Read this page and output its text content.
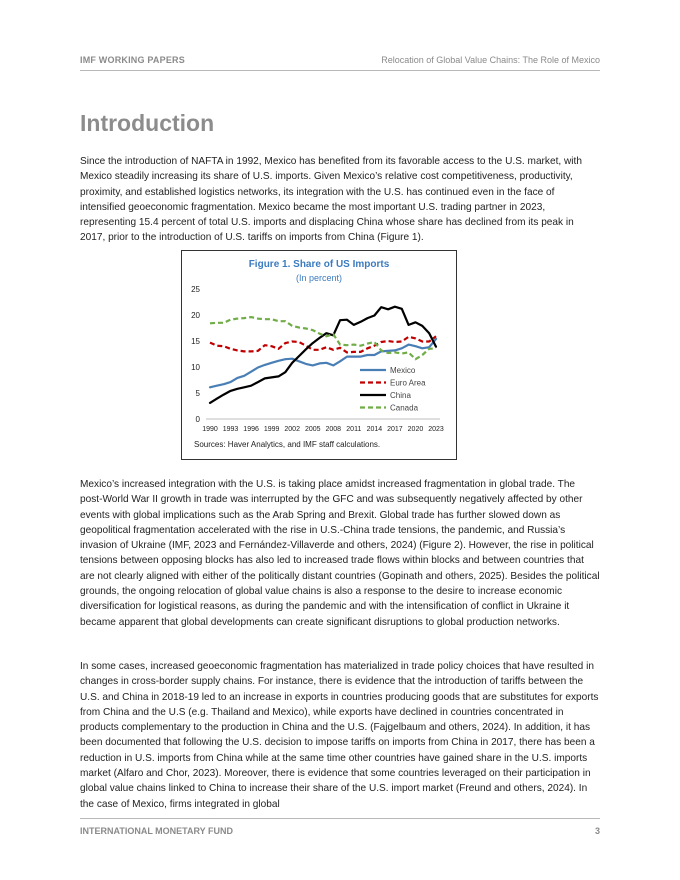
IMF WORKING PAPERS	Relocation of Global Value Chains: The Role of Mexico
Introduction

Since the introduction of NAFTA in 1992, Mexico has benefited from its favorable access to the U.S. market, with Mexico steadily increasing its share of U.S. imports. Given Mexico’s relative cost competitiveness, productivity, proximity, and established logistics networks, its integration with the U.S. has continued even in the face of intensified geoeconomic fragmentation. Mexico became the most important U.S. trading partner in 2023, representing 15.4 percent of total U.S. imports and displacing China whose share has declined from its peak in 2017, prior to the introduction of U.S. tariffs on imports from China (Figure 1).

Figure 1. Share of US Imports
(In percent)
0
5
10
15
20
25
1990 1993 1996 1999 2002 2005 2008 2011 2014 2017 2020 2023
Mexico
Euro Area
China
Canada
Sources: Haver Analytics, and IMF staff calculations.

Mexico’s increased integration with the U.S. is taking place amidst increased fragmentation in global trade. The post-World War II growth in trade was interrupted by the GFC and was subsequently negatively affected by other events with global implications such as the Arab Spring and Brexit. Global trade has further slowed down as geopolitical fragmentation accelerated with the rise in U.S.-China trade tensions, the pandemic, and Russia’s invasion of Ukraine (IMF, 2023 and Fernández-Villaverde and others, 2024) (Figure 2). However, the rise in political tensions between opposing blocks has also led to increased trade flows within blocks and between countries that are not clearly aligned with either of the politically distant countries (Gopinath and others, 2025). Besides the political grounds, the ongoing relocation of global value chains is also a response to the desire to increase economic diversification for logistical reasons, as during the pandemic and with the intensification of conflict in Ukraine it became apparent that global developments can create significant disruptions to global production networks.

In some cases, increased geoeconomic fragmentation has materialized in trade policy choices that have resulted in changes in cross-border supply chains. For instance, there is evidence that the introduction of tariffs between the U.S. and China in 2018-19 led to an increase in exports in countries producing goods that are substitutes for exports from China and the U.S (e.g. Thailand and Mexico), while exports have declined in countries concentrated in products complementary to the production in China and the U.S. (Fajgelbaum and others, 2024). In addition, it has been documented that following the U.S. decision to impose tariffs on imports from China in 2017, there has been a reduction in U.S. imports from China while at the same time other countries have gained share in the U.S. imports market (Alfaro and Chor, 2023). Moreover, there is evidence that some countries leveraged on their participation in global value chains linked to China to increase their share of the U.S. import market (Freund and others, 2024). In the case of Mexico, firms integrated in global

INTERNATIONAL MONETARY FUND	3
